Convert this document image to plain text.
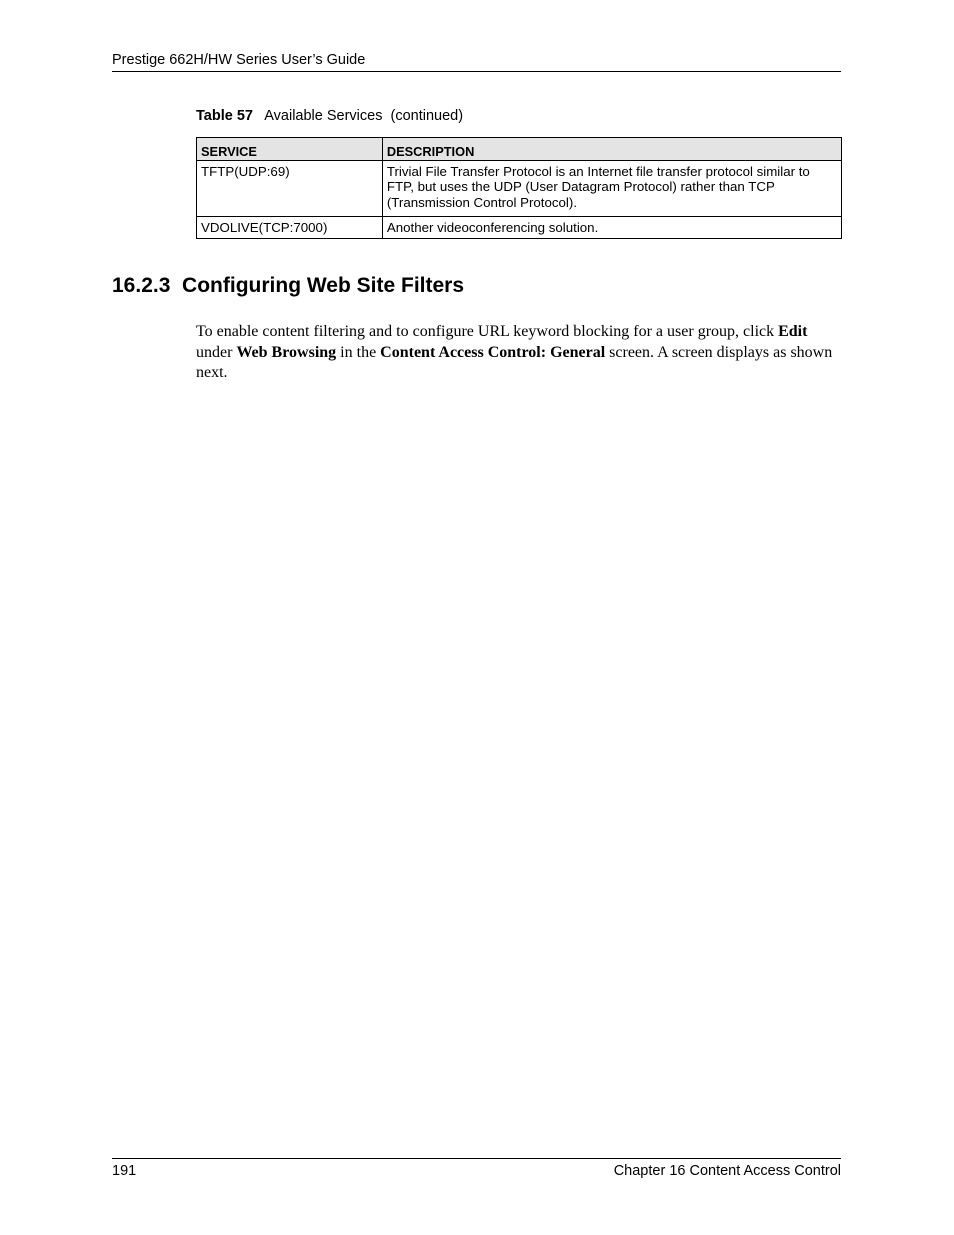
Prestige 662H/HW Series User’s Guide
Table 57 Available Services  (continued)
SERVICE	DESCRIPTION
TFTP(UDP:69)	Trivial File Transfer Protocol is an Internet file transfer protocol similar to FTP, but uses the UDP (User Datagram Protocol) rather than TCP (Transmission Control Protocol).
VDOLIVE(TCP:7000)	Another videoconferencing solution.
16.2.3  Configuring Web Site Filters
To enable content filtering and to configure URL keyword blocking for a user group, click Edit under Web Browsing in the Content Access Control: General screen. A screen displays as shown next.
191	Chapter 16 Content Access Control
